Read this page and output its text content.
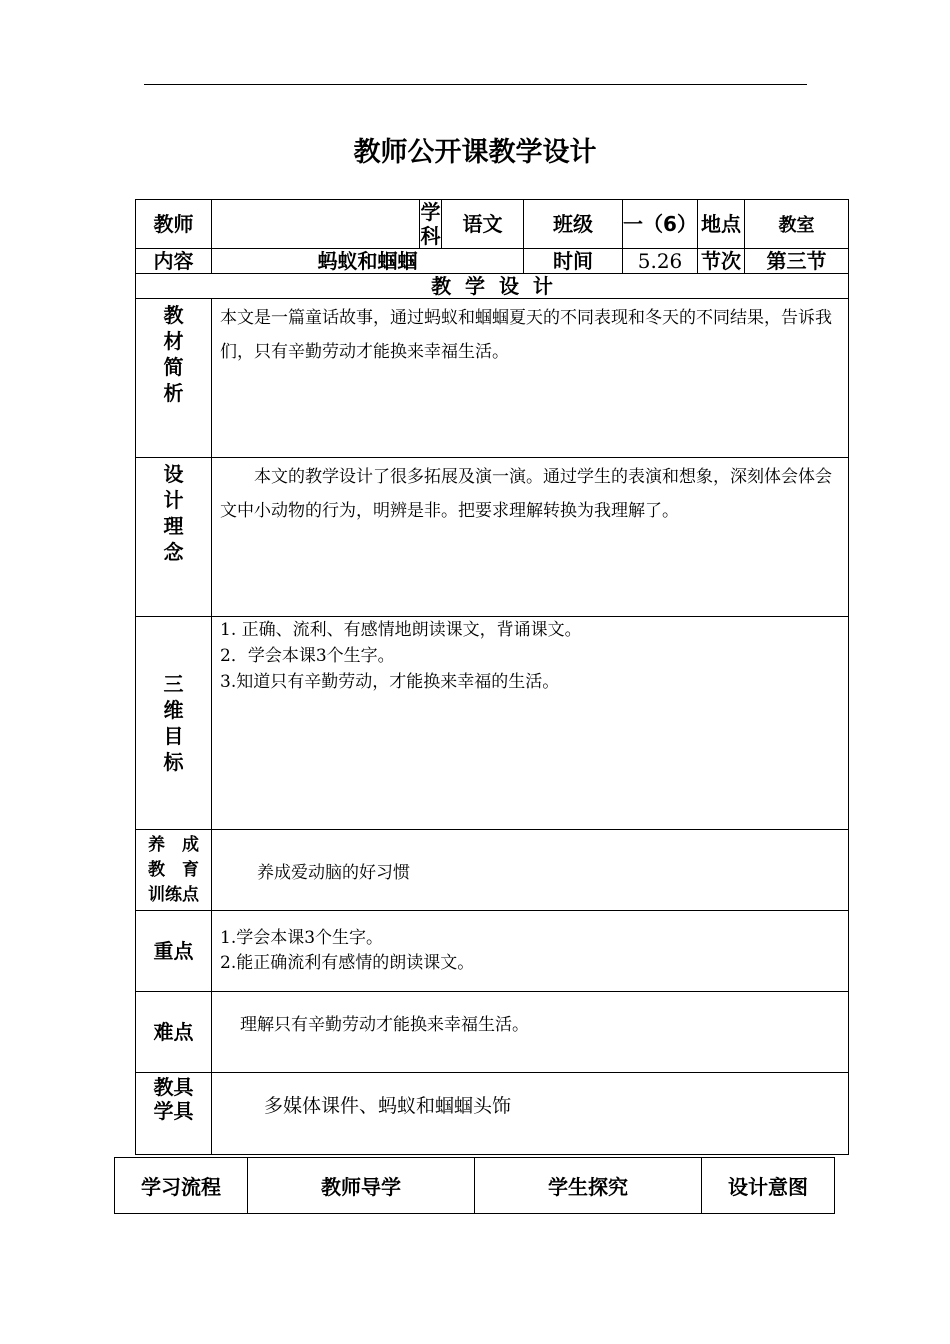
教师公开课教学设计
教师		学科	语文	班级	一（6）	地点	教室
内容	蚂蚁和蝈蝈			时间	5.26	节次	第三节
教  学  设  计							
教材简析	本文是一篇童话故事，通过蚂蚁和蝈蝈夏天的不同表现和冬天的不同结果，告诉我们，只有辛勤劳动才能换来幸福生活。						

设计理念	本文的教学设计了很多拓展及演一演。通过学生的表演和想象，深刻体会体会文中小动物的行为，明辨是非。把要求理解转换为我理解了。						

三维目标	1. 正确、流利、有感情地朗读课文，背诵课文。

2．学会本课3个生字。

3.知道只有辛勤劳动，才能换来幸福的生活。						

养　成
教　育
训练点	养成爱动脑的好习惯						
重点	1.学会本课3个生字。
2.能正确流利有感情的朗读课文。						

难点	理解只有辛勤劳动才能换来幸福生活。						
教具
学具	多媒体课件、蚂蚁和蝈蝈头饰						
学习流程	教师导学	学生探究	设计意图
